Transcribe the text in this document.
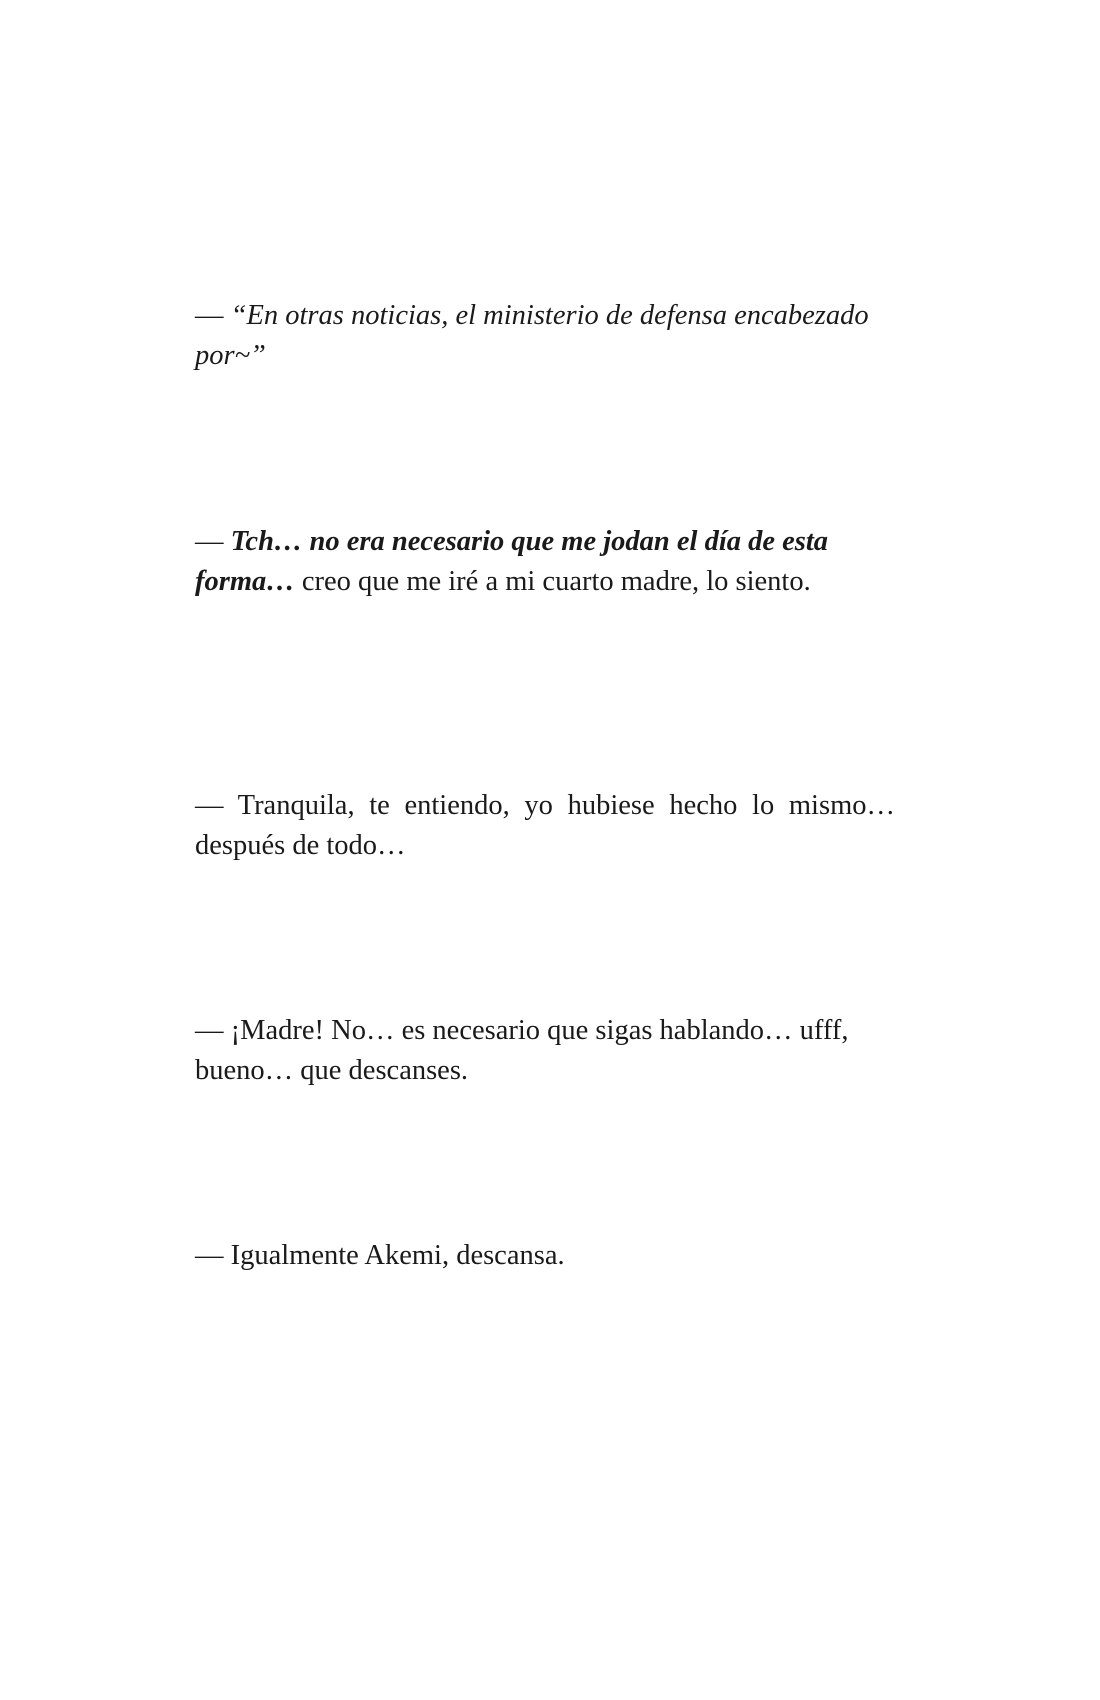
— “En otras noticias, el ministerio de defensa encabezado por~”

— Tch… no era necesario que me jodan el día de esta forma… creo que me iré a mi cuarto madre, lo siento.

— Tranquila, te entiendo, yo hubiese hecho lo mismo… después de todo…

— ¡Madre! No… es necesario que sigas hablando… ufff, bueno… que descanses.

— Igualmente Akemi, descansa.
